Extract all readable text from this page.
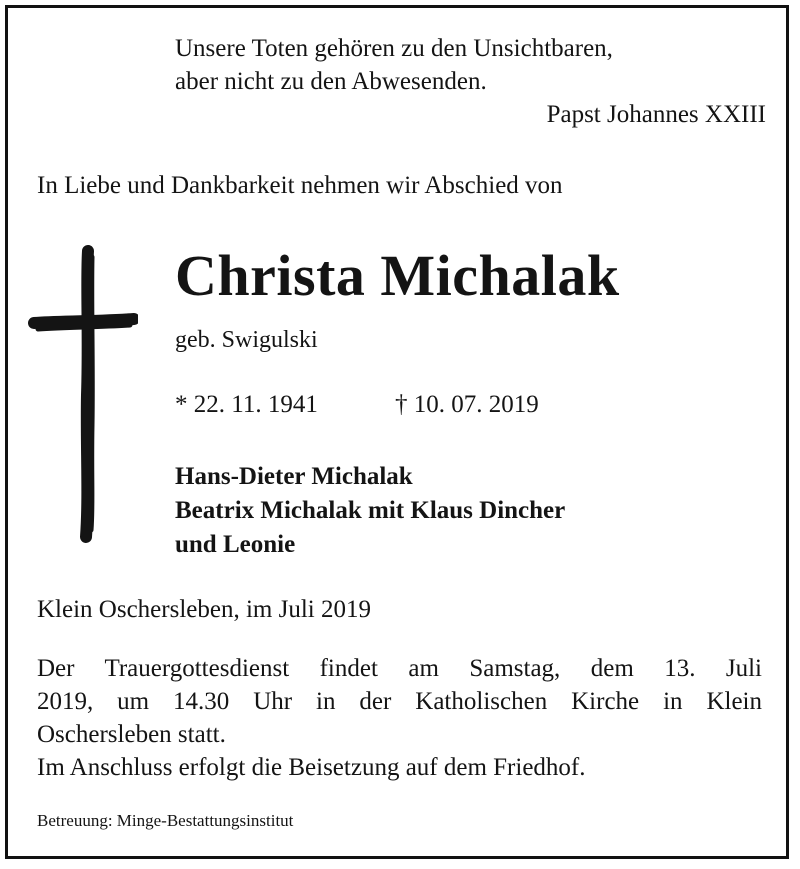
Unsere Toten gehören zu den Unsichtbaren,
aber nicht zu den Abwesenden.
Papst Johannes XXIII
In Liebe und Dankbarkeit nehmen wir Abschied von
Christa Michalak
geb. Swigulski
* 22. 11. 1941	† 10. 07. 2019
Hans-Dieter Michalak
Beatrix Michalak mit Klaus Dincher
und Leonie
Klein Oschersleben, im Juli 2019

Der Trauergottesdienst findet am Samstag, dem 13. Juli

2019, um 14.30 Uhr in der Katholischen Kirche in Klein

Oschersleben statt.

Im Anschluss erfolgt die Beisetzung auf dem Friedhof.

Betreuung: Minge-Bestattungsinstitut
